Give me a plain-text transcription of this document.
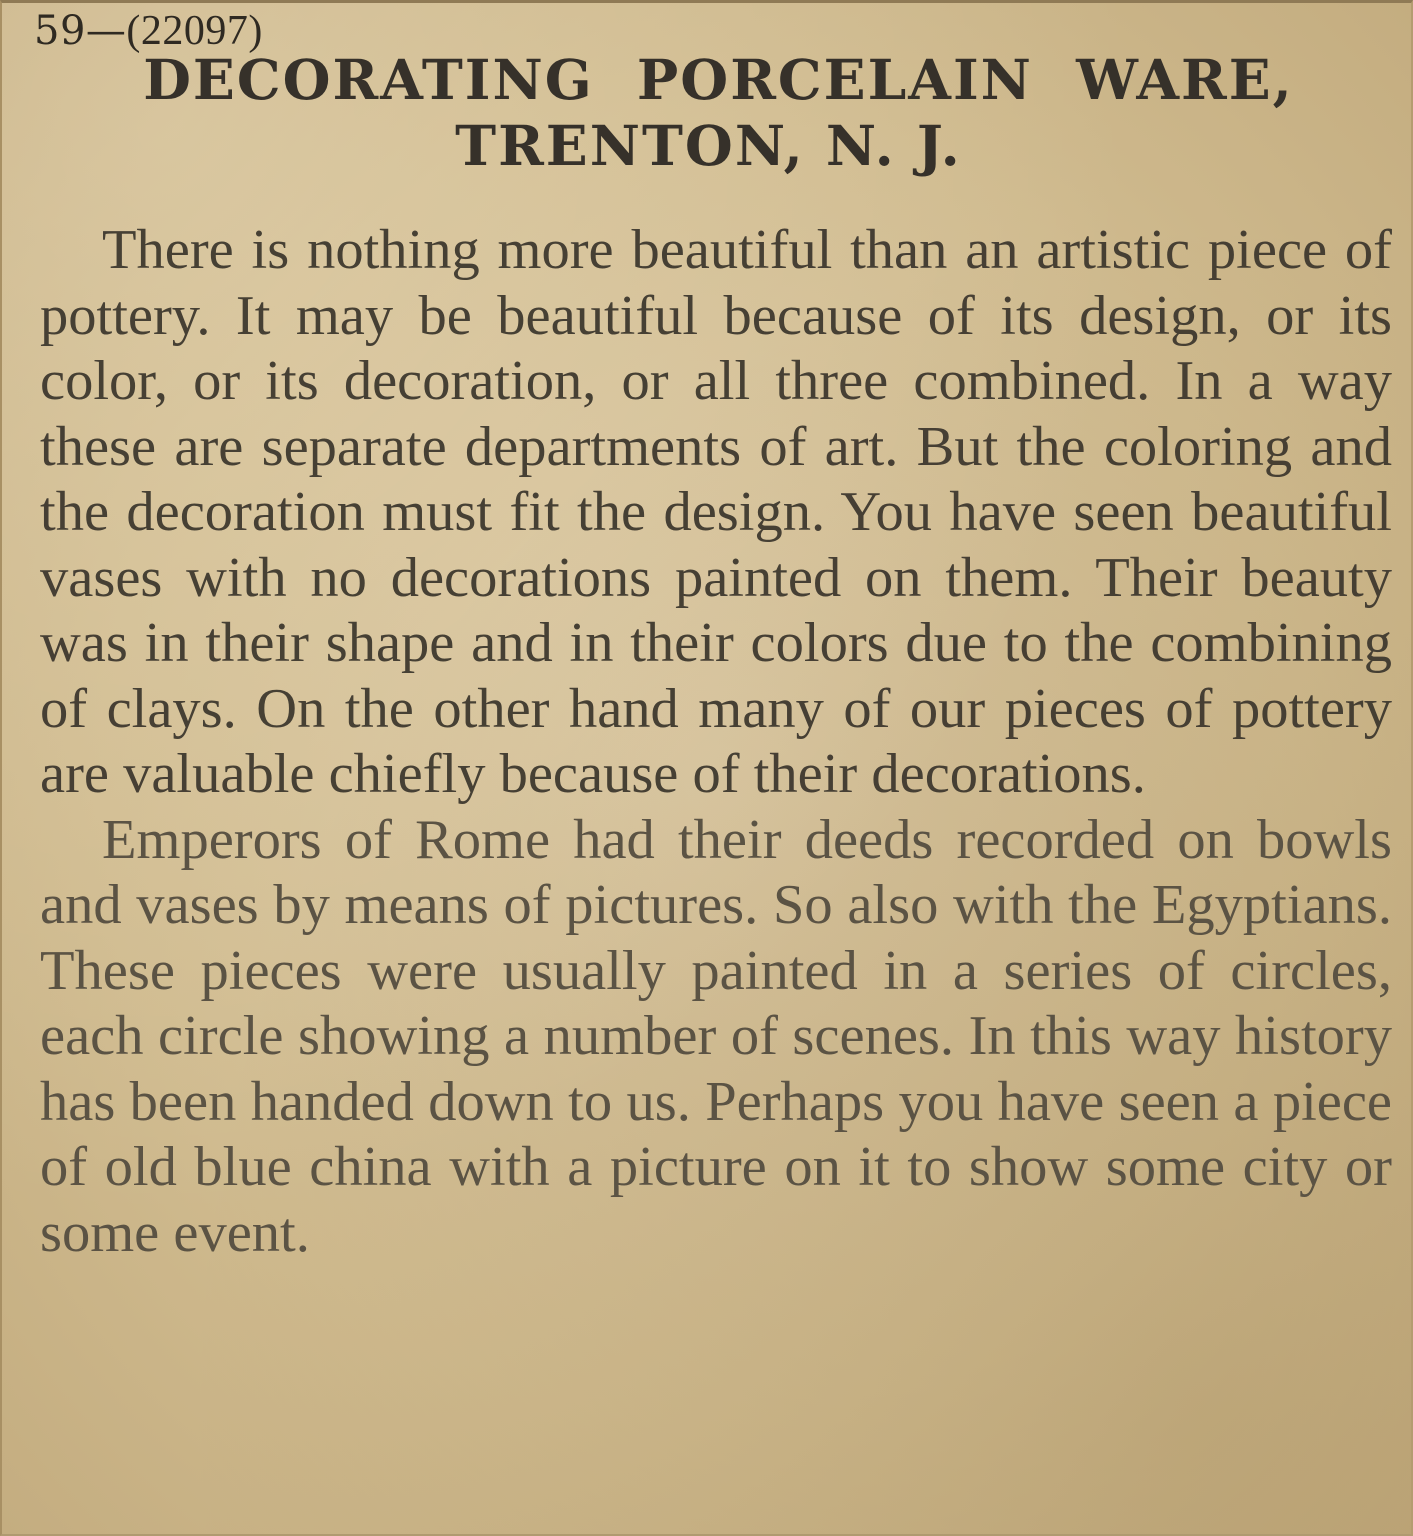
59—(22097)
DECORATING PORCELAIN WARE,
TRENTON, N. J.

There is nothing more beautiful than an artistic piece of pottery. It may be beautiful because of its design, or its color, or its decoration, or all three combined. In a way these are separate departments of art. But the coloring and the decoration must fit the design. You have seen beautiful vases with no decorations painted on them. Their beauty was in their shape and in their colors due to the combining of clays. On the other hand many of our pieces of pottery are valuable chiefly because of their decorations.

Emperors of Rome had their deeds recorded on bowls and vases by means of pictures. So also with the Egyptians. These pieces were usually painted in a series of circles, each circle showing a number of scenes. In this way history has been handed down to us. Perhaps you have seen a piece of old blue china with a picture on it to show some city or some event.
